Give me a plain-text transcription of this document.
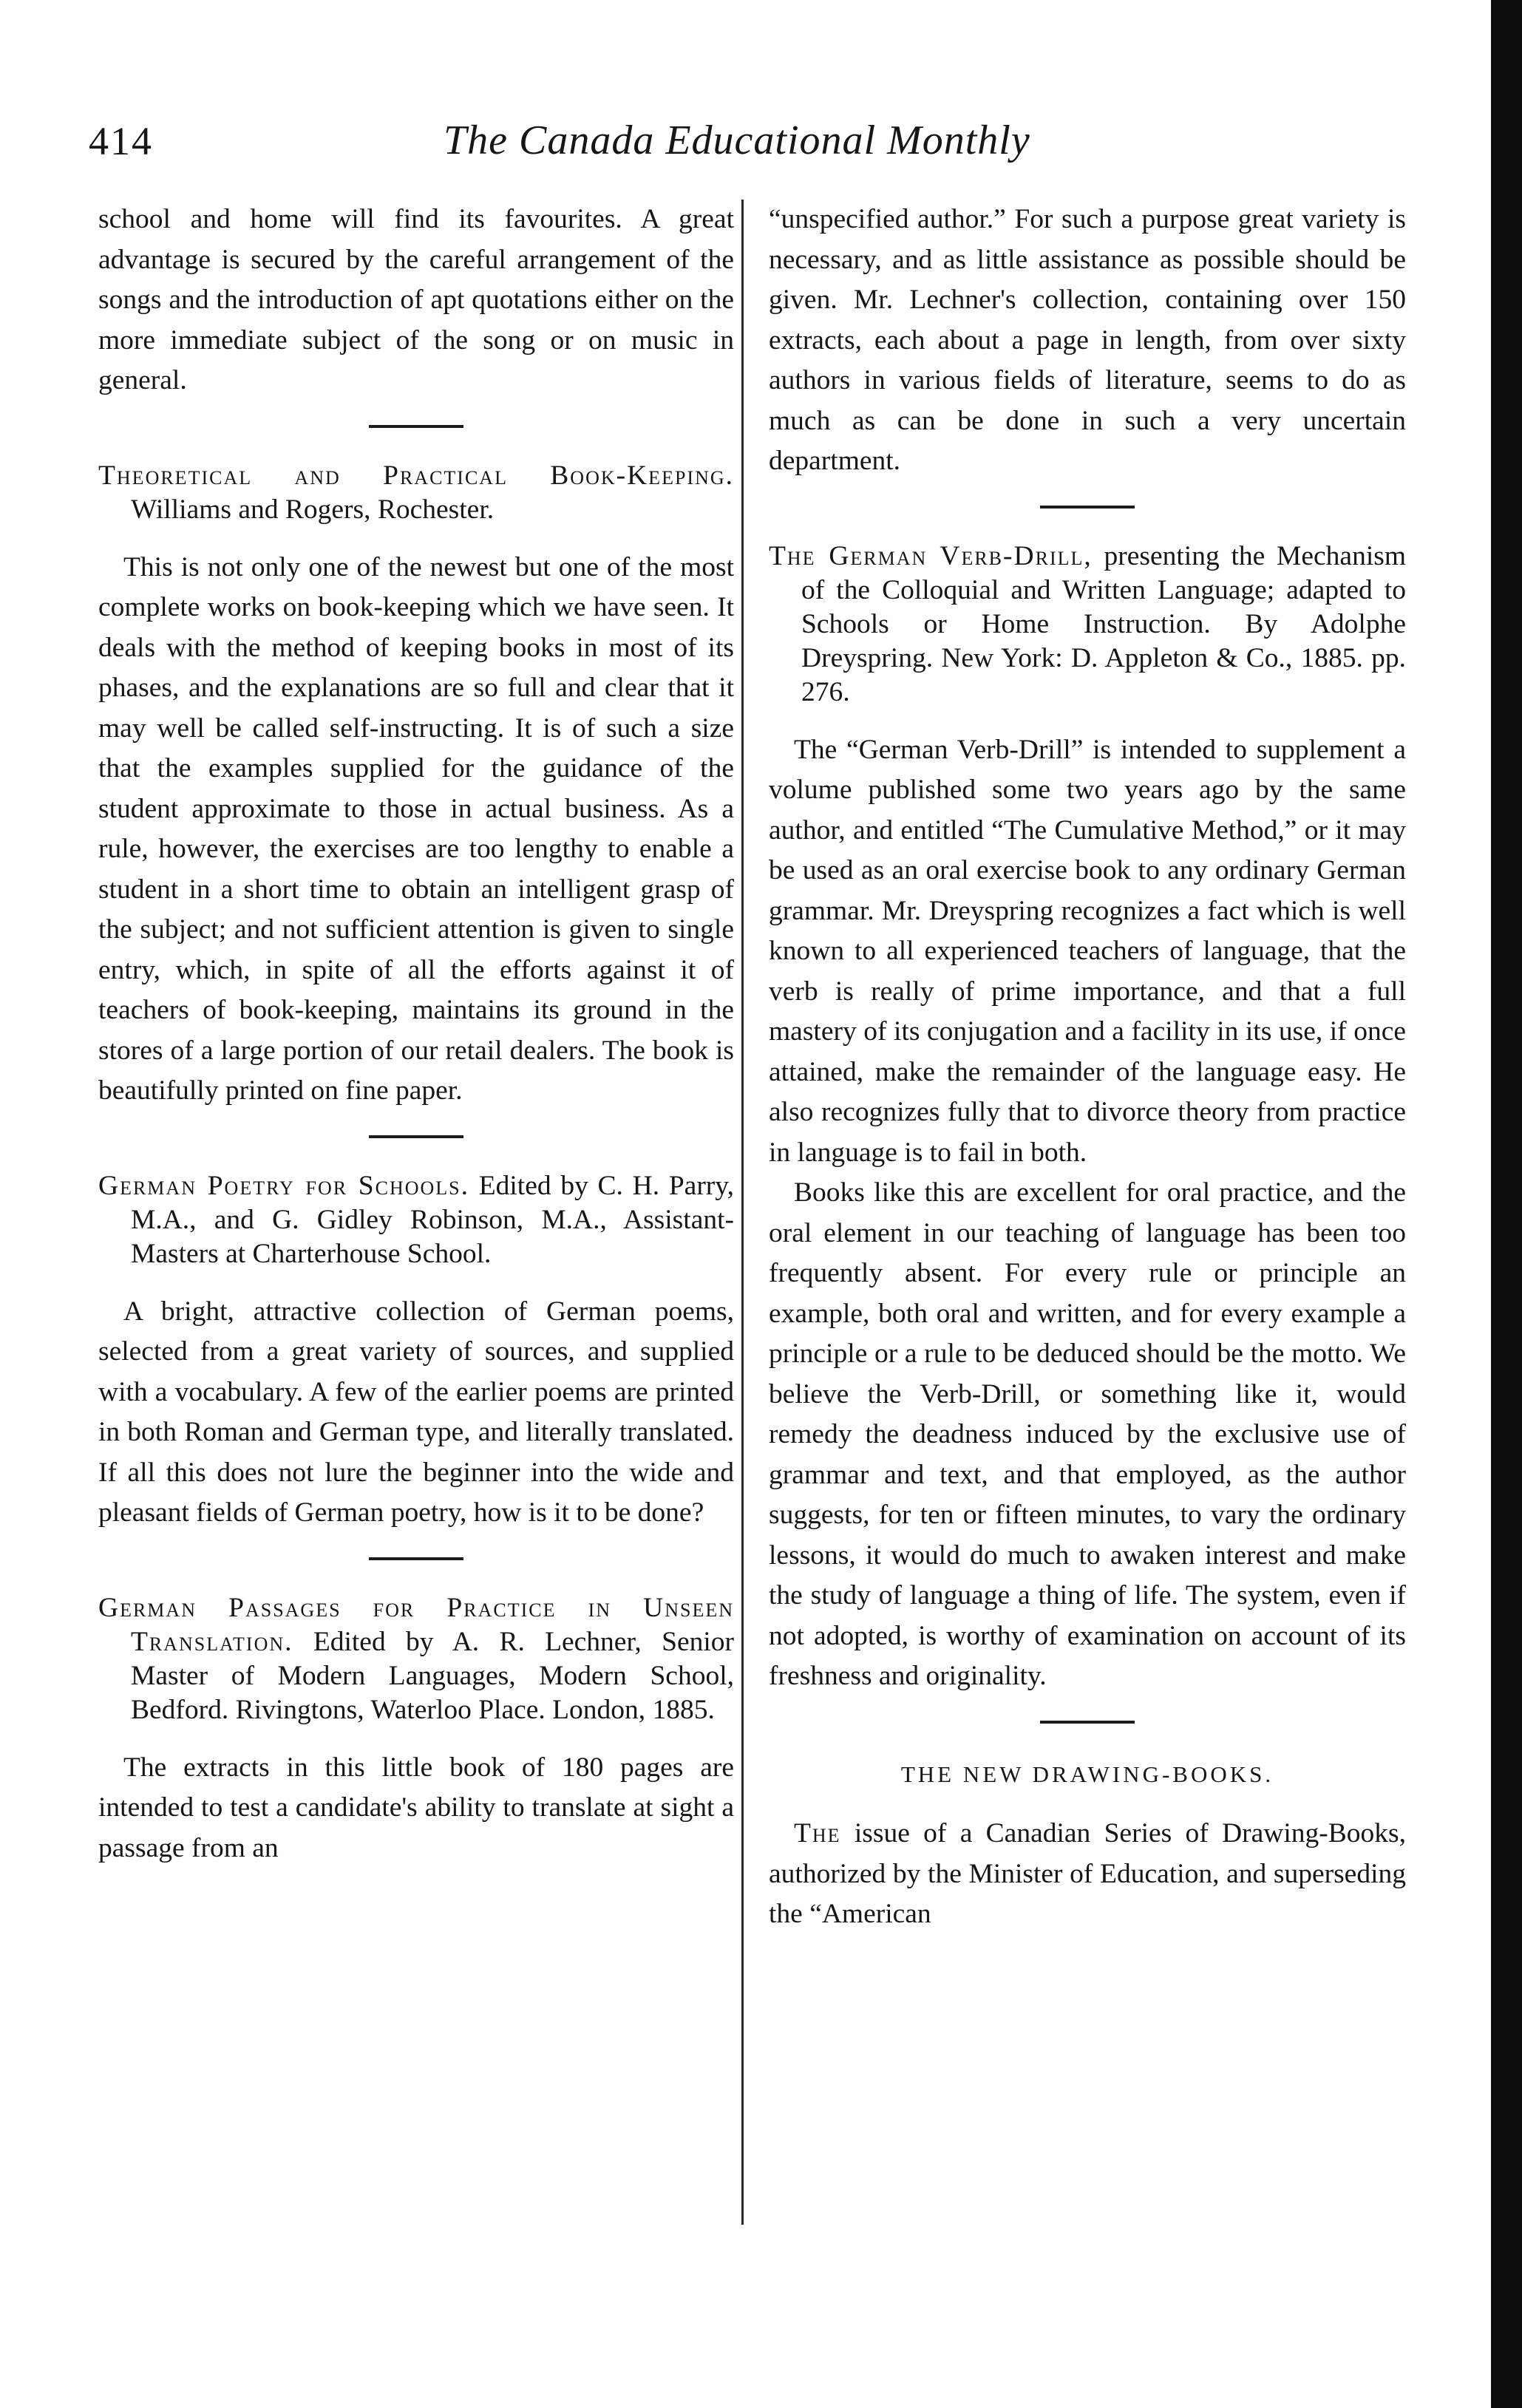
414	The Canada Educational Monthly

school and home will find its favourites. A great advantage is secured by the careful arrangement of the songs and the introduction of apt quotations either on the more immediate subject of the song or on music in general.

Theoretical and Practical Book-Keeping. Williams and Rogers, Rochester.

This is not only one of the newest but one of the most complete works on book-keeping which we have seen. It deals with the method of keeping books in most of its phases, and the explanations are so full and clear that it may well be called self-instructing. It is of such a size that the examples supplied for the guidance of the student approximate to those in actual business. As a rule, however, the exercises are too lengthy to enable a student in a short time to obtain an intelligent grasp of the subject; and not sufficient attention is given to single entry, which, in spite of all the efforts against it of teachers of book-keeping, maintains its ground in the stores of a large portion of our retail dealers. The book is beautifully printed on fine paper.

German Poetry for Schools. Edited by C. H. Parry, M.A., and G. Gidley Robinson, M.A., Assistant-Masters at Charterhouse School.

A bright, attractive collection of German poems, selected from a great variety of sources, and supplied with a vocabulary. A few of the earlier poems are printed in both Roman and German type, and literally translated. If all this does not lure the beginner into the wide and pleasant fields of German poetry, how is it to be done?

German Passages for Practice in Unseen Translation. Edited by A. R. Lechner, Senior Master of Modern Languages, Modern School, Bedford. Rivingtons, Waterloo Place. London, 1885.

The extracts in this little book of 180 pages are intended to test a candidate's ability to translate at sight a passage from an

“unspecified author.” For such a purpose great variety is necessary, and as little assistance as possible should be given. Mr. Lechner's collection, containing over 150 extracts, each about a page in length, from over sixty authors in various fields of literature, seems to do as much as can be done in such a very uncertain department.

The German Verb-Drill, presenting the Mechanism of the Colloquial and Written Language; adapted to Schools or Home Instruction. By Adolphe Dreyspring. New York: D. Appleton & Co., 1885. pp. 276.

The “German Verb-Drill” is intended to supplement a volume published some two years ago by the same author, and entitled “The Cumulative Method,” or it may be used as an oral exercise book to any ordinary German grammar. Mr. Dreyspring recognizes a fact which is well known to all experienced teachers of language, that the verb is really of prime importance, and that a full mastery of its conjugation and a facility in its use, if once attained, make the remainder of the language easy. He also recognizes fully that to divorce theory from practice in language is to fail in both.

Books like this are excellent for oral practice, and the oral element in our teaching of language has been too frequently absent. For every rule or principle an example, both oral and written, and for every example a principle or a rule to be deduced should be the motto. We believe the Verb-Drill, or something like it, would remedy the deadness induced by the exclusive use of grammar and text, and that employed, as the author suggests, for ten or fifteen minutes, to vary the ordinary lessons, it would do much to awaken interest and make the study of language a thing of life. The system, even if not adopted, is worthy of examination on account of its freshness and originality.

THE NEW DRAWING-BOOKS.

The issue of a Canadian Series of Drawing-Books, authorized by the Minister of Education, and superseding the “American
